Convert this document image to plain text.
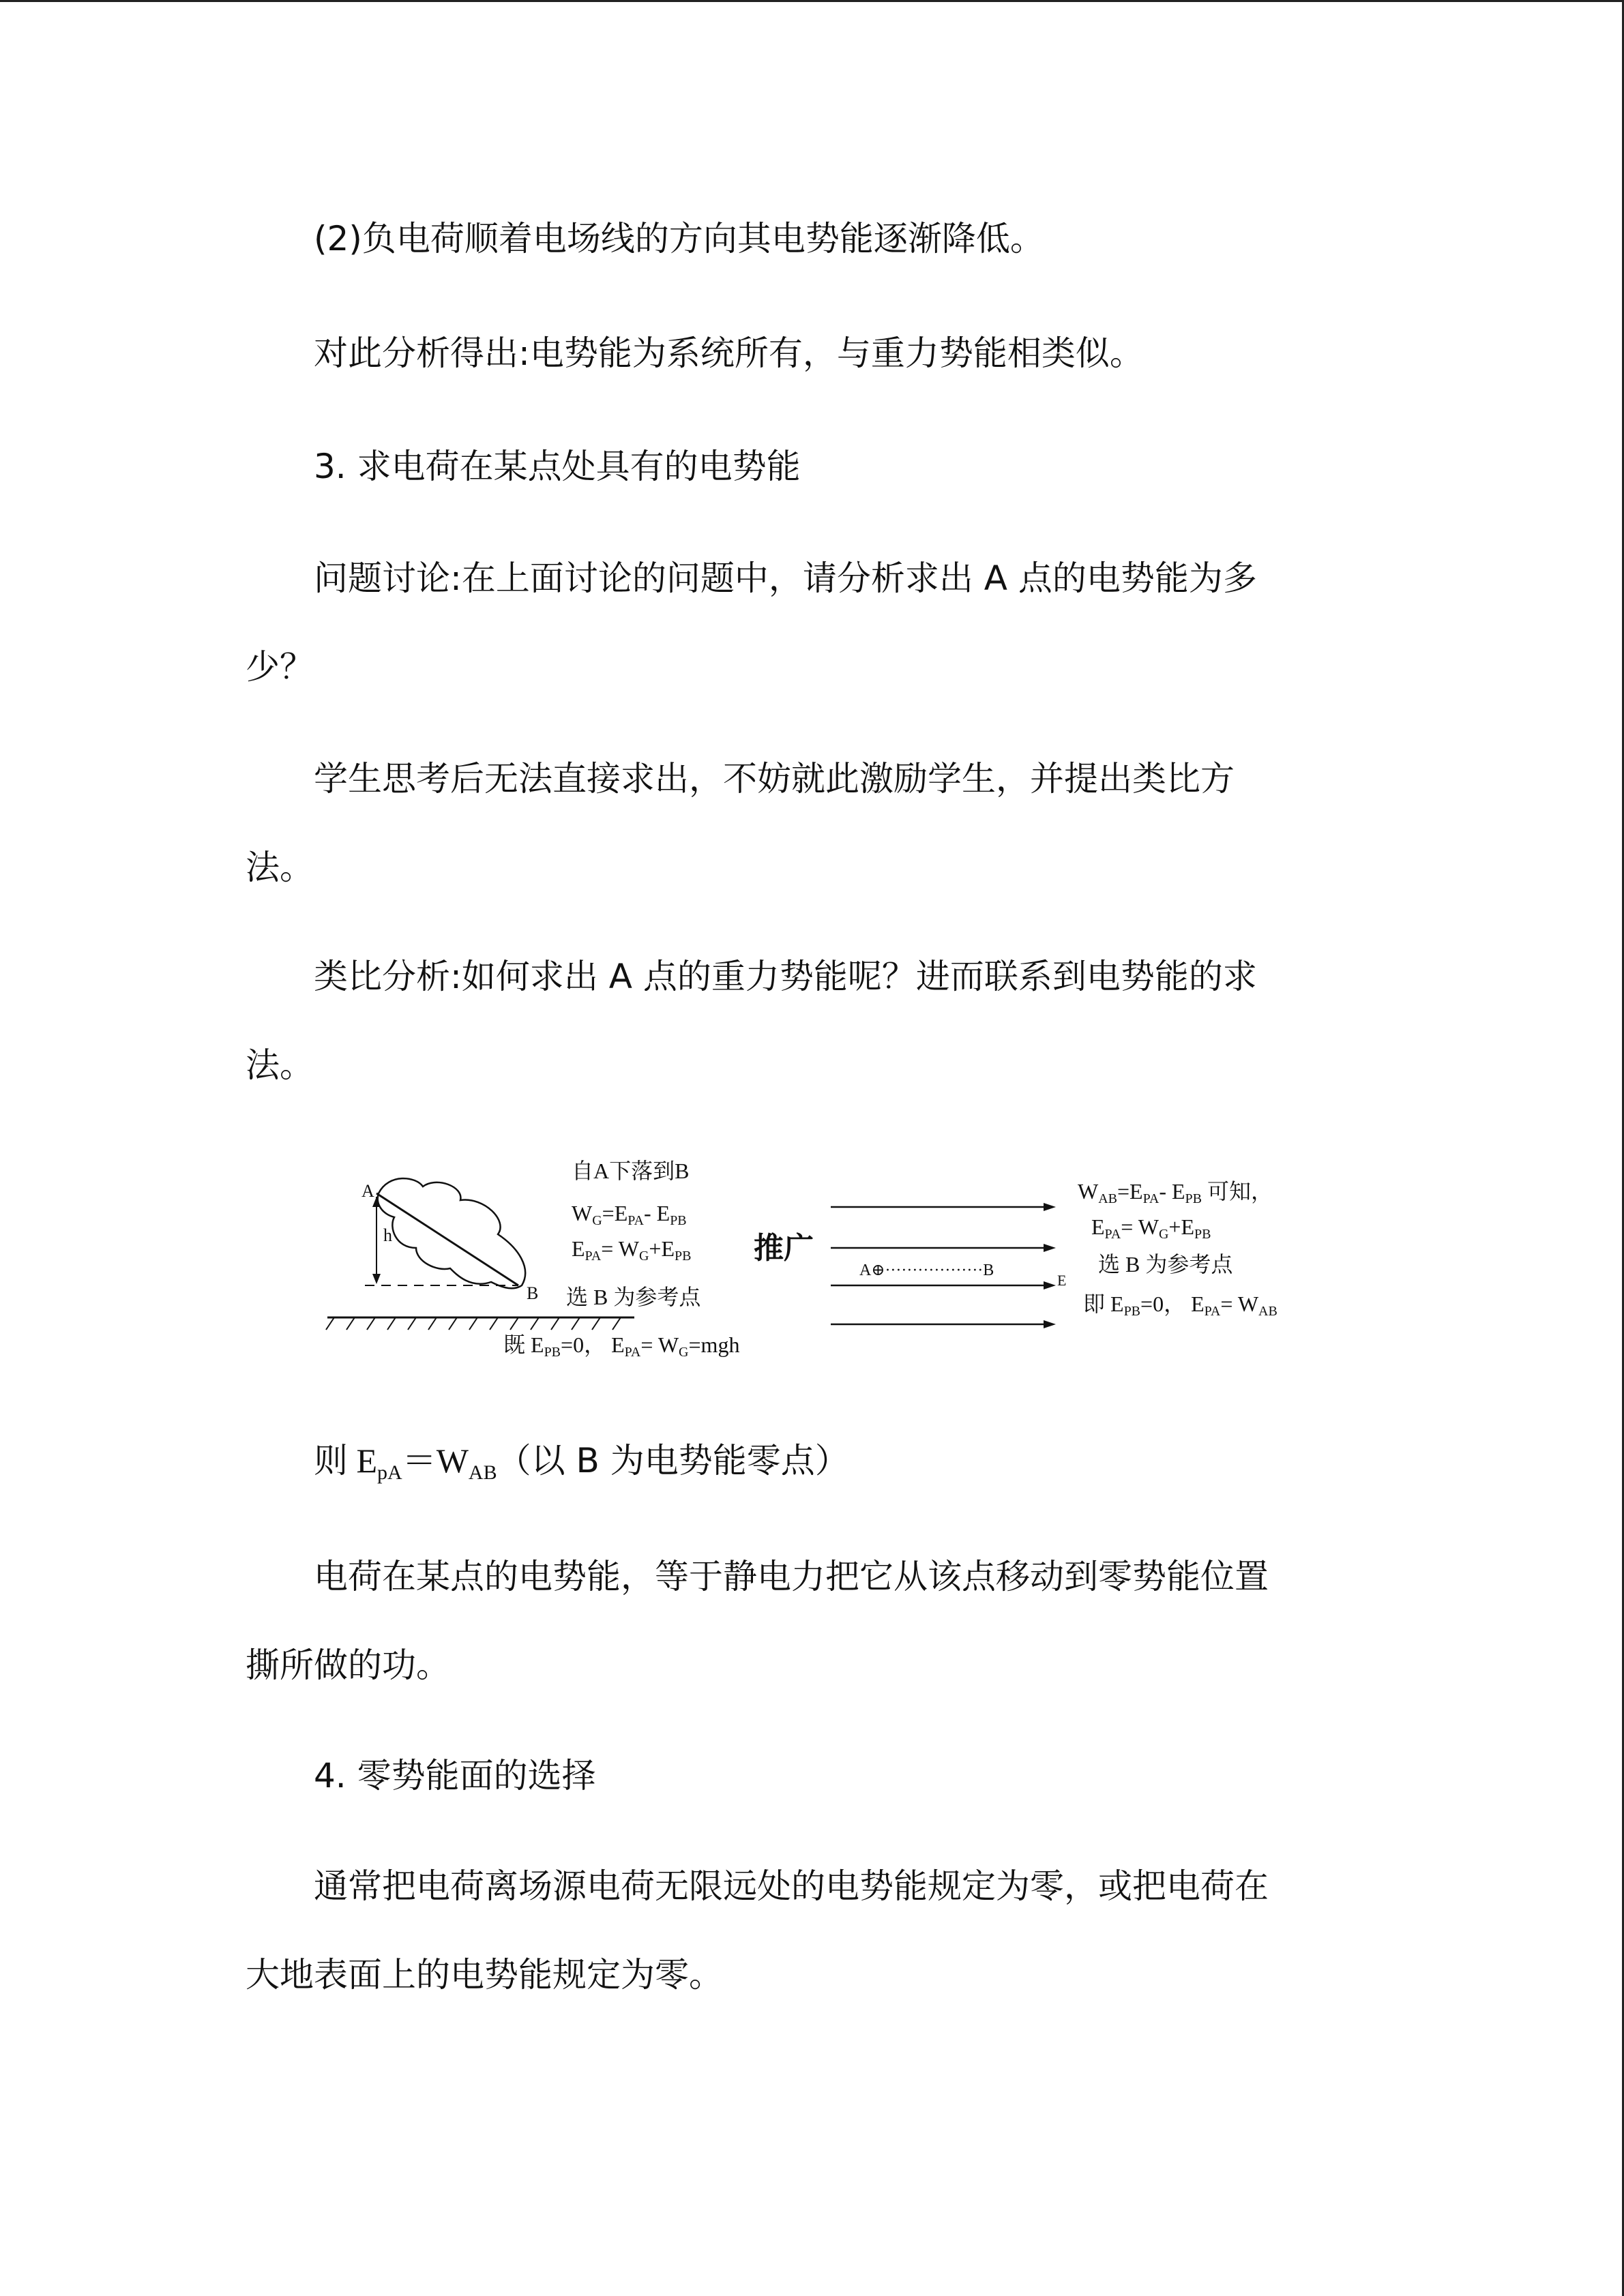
(2)负电荷顺着电场线的方向其电势能逐渐降低。
对此分析得出:电势能为系统所有，与重力势能相类似。
3. 求电荷在某点处具有的电势能
问题讨论:在上面讨论的问题中，请分析求出 A 点的电势能为多
少？
学生思考后无法直接求出，不妨就此激励学生，并提出类比方
法。
类比分析:如何求出 A 点的重力势能呢？进而联系到电势能的求
法。
A
B
h
自A下落到B
WG=EPA- EPB
EPA= WG+EPB
选 B 为参考点
既 EPB=0， EPA= WG=mgh
推广
A⊕··················B
E
WAB=EPA- EPB 可知，
EPA= WG+EPB
选 B 为参考点
即 EPB=0， EPA= WAB
则 $E_{pA}=W_{AB}$（以 B 为电势能零点）
电荷在某点的电势能，等于静电力把它从该点移动到零势能位置
撕所做的功。
4. 零势能面的选择
通常把电荷离场源电荷无限远处的电势能规定为零，或把电荷在
大地表面上的电势能规定为零。
